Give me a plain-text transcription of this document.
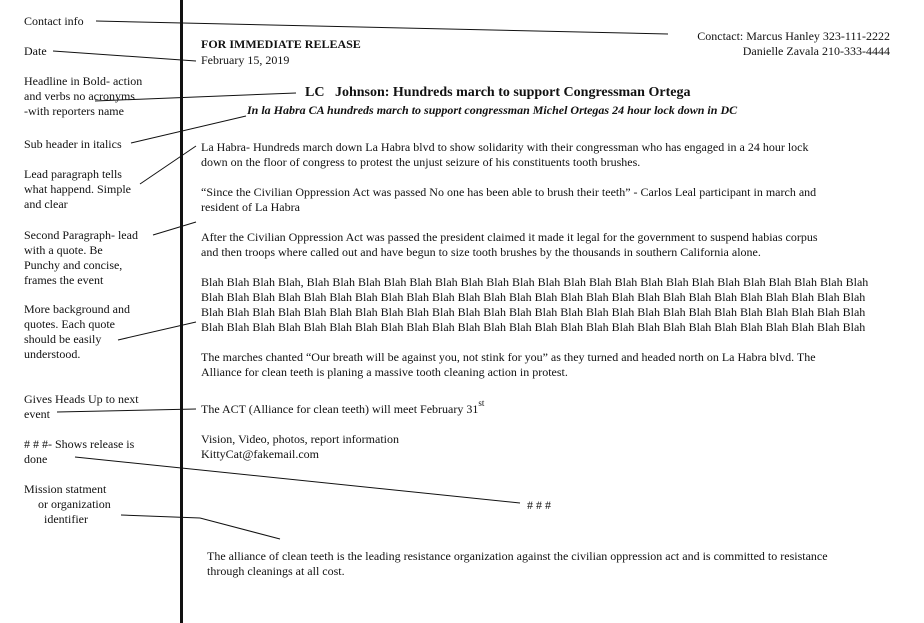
Contact info
Date
Headline in Bold- action
and verbs no acronyms
-with reporters name
Sub header in italics
Lead paragraph tells
what happend. Simple
and clear
Second Paragraph- lead
with a quote. Be
Punchy and concise,
frames the event
More background and
quotes. Each quote
should be easily
understood.
Gives Heads Up to next
event
# # #- Shows release is
done
Mission statment
or organization
identifier
FOR IMMEDIATE RELEASE
February 15, 2019
Conctact: Marcus Hanley 323-111-2222
Danielle Zavala 210-333-4444
LC Johnson: Hundreds march to support Congressman Ortega
In la Habra CA hundreds march to support congressman Michel Ortegas 24 hour lock down in DC
La Habra- Hundreds march down La Habra blvd to show solidarity with their congressman who has engaged in a 24 hour lock
down on the floor of congress to protest the unjust seizure of his constituents tooth brushes.
“Since the Civilian Oppression Act was passed No one has been able to brush their teeth” - Carlos Leal participant in march and
resident of La Habra
After the Civilian Oppression Act was passed the president claimed it made it legal for the government to suspend habias corpus
and then troops where called out and have begun to size tooth brushes by the thousands in southern California alone.
Blah Blah Blah Blah, Blah Blah Blah Blah Blah Blah Blah Blah Blah Blah Blah Blah Blah Blah Blah Blah Blah Blah Blah Blah Blah Blah
Blah Blah Blah Blah Blah Blah Blah Blah Blah Blah Blah Blah Blah Blah Blah Blah Blah Blah Blah Blah Blah Blah Blah Blah Blah Blah
Blah Blah Blah Blah Blah Blah Blah Blah Blah Blah Blah Blah Blah Blah Blah Blah Blah Blah Blah Blah Blah Blah Blah Blah Blah Blah
Blah Blah Blah Blah Blah Blah Blah Blah Blah Blah Blah Blah Blah Blah Blah Blah Blah Blah Blah Blah Blah Blah Blah Blah Blah Blah
The marches chanted “Our breath will be against you, not stink for you” as they turned and headed north on La Habra blvd. The
Alliance for clean teeth is planing a massive tooth cleaning action in protest.
The ACT (Alliance for clean teeth) will meet February 31st
Vision, Video, photos, report information
KittyCat@fakemail.com
# # #
The alliance of clean teeth is the leading resistance organization against the civilian oppression act and is committed to resistance
through cleanings at all cost.
